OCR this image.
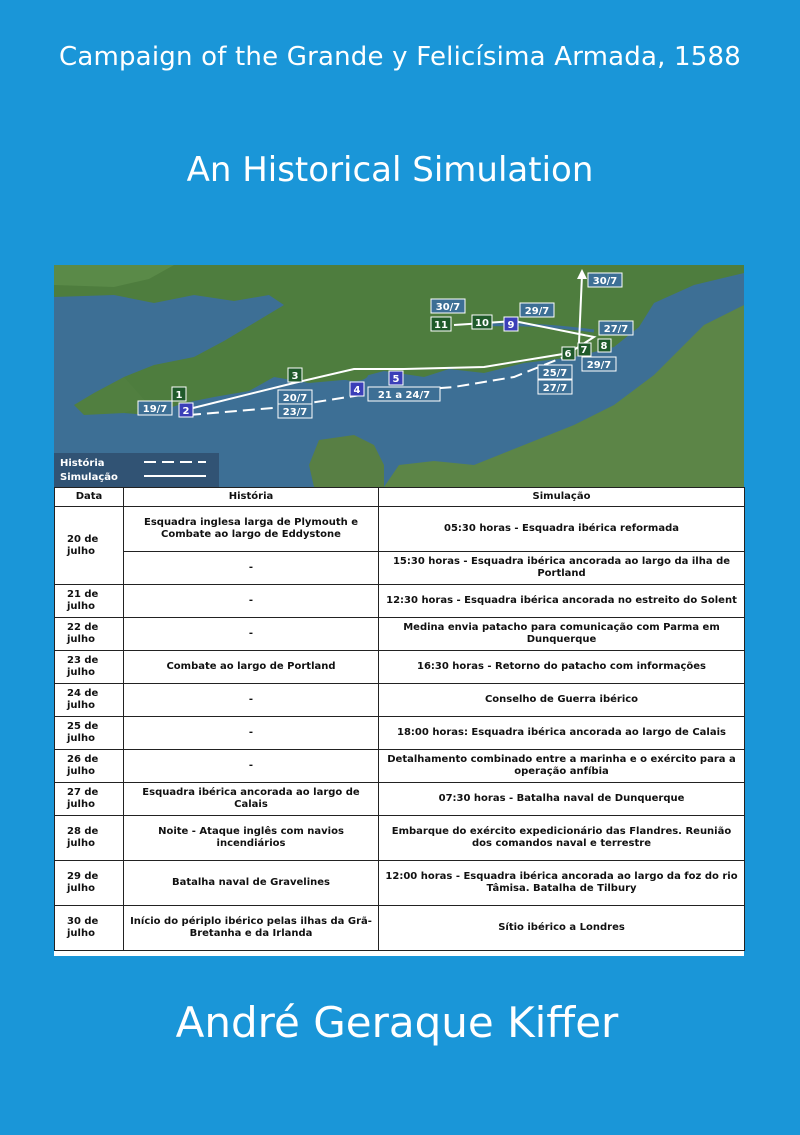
Campaign of the Grande y Felicísima Armada, 1588
An Historical Simulation
1
3
6 7 8
10
11
2
4
5
9
19/7
20/7
23/7
21 a 24/7
25/7
27/7
29/7
27/7
30/7	29/7
30/7
História
Simulação
Data	História	Simulação
20 de julho	Esquadra inglesa larga de Plymouth e Combate ao largo de Eddystone	05:30 horas - Esquadra ibérica reformada
	-	15:30 horas - Esquadra ibérica ancorada ao largo da ilha de Portland
21 de julho	-	12:30 horas - Esquadra ibérica ancorada no estreito do Solent
22 de julho	-	Medina envia patacho para comunicação com Parma em Dunquerque
23 de julho	Combate ao largo de Portland	16:30 horas - Retorno do patacho com informações
24 de julho	-	Conselho de Guerra ibérico
25 de julho	-	18:00 horas: Esquadra ibérica ancorada ao largo de Calais
26 de julho	-	Detalhamento combinado entre a marinha e o exército para a operação anfíbia
27 de julho	Esquadra ibérica ancorada ao largo de Calais	07:30 horas - Batalha naval de Dunquerque
28 de julho	Noite - Ataque inglês com navios incendiários	Embarque do exército expedicionário das Flandres. Reunião dos comandos naval e terrestre
29 de julho	Batalha naval de Gravelines	12:00 horas - Esquadra ibérica ancorada ao largo da foz do rio Tâmisa. Batalha de Tilbury
30 de julho	Início do périplo ibérico pelas ilhas da Grã-Bretanha e da Irlanda	Sítio ibérico a Londres
André Geraque Kiffer
